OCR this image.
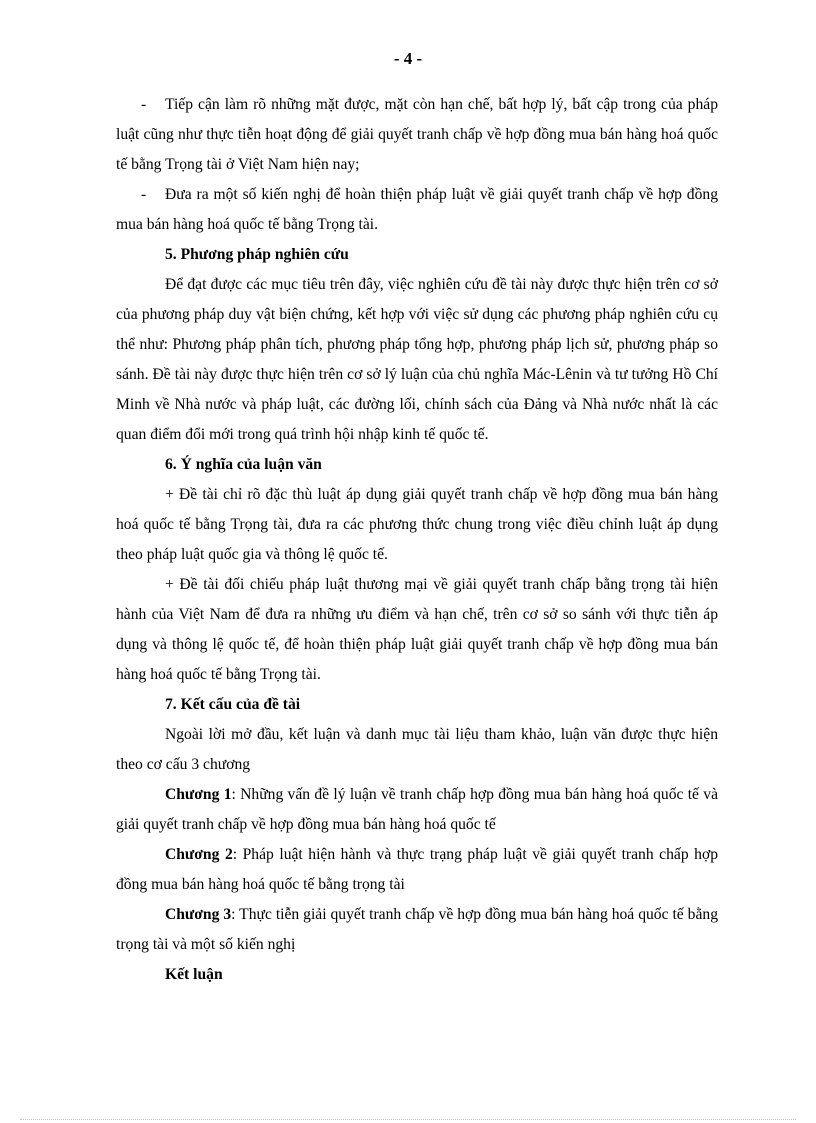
- 4 -

- Tiếp cận làm rõ những mặt được, mặt còn hạn chế, bất hợp lý, bất cập trong của pháp luật cũng như thực tiễn hoạt động để giải quyết tranh chấp về hợp đồng mua bán hàng hoá quốc tế bằng Trọng tài ở Việt Nam hiện nay;

- Đưa ra một số kiến nghị để hoàn thiện pháp luật về giải quyết tranh chấp về hợp đồng mua bán hàng hoá quốc tế bằng Trọng tài.

5. Phương pháp nghiên cứu

Để đạt được các mục tiêu trên đây, việc nghiên cứu đề tài này được thực hiện trên cơ sở của phương pháp duy vật biện chứng, kết hợp với việc sử dụng các phương pháp nghiên cứu cụ thể như: Phương pháp phân tích, phương pháp tổng hợp, phương pháp lịch sử, phương pháp so sánh. Đề tài này được thực hiện trên cơ sở lý luận của chủ nghĩa Mác-Lênin và tư tưởng Hồ Chí Minh về Nhà nước và pháp luật, các đường lối, chính sách của Đảng và Nhà nước nhất là các quan điểm đổi mới trong quá trình hội nhập kinh tế quốc tế.

6. Ý nghĩa của luận văn

+ Đề tài chỉ rõ đặc thù luật áp dụng giải quyết tranh chấp về hợp đồng mua bán hàng hoá quốc tế bằng Trọng tài, đưa ra các phương thức chung trong việc điều chỉnh luật áp dụng theo pháp luật quốc gia và thông lệ quốc tế.

+ Đề tài đối chiếu pháp luật thương mại về giải quyết tranh chấp bằng trọng tài hiện hành của Việt Nam để đưa ra những ưu điểm và hạn chế, trên cơ sở so sánh với thực tiễn áp dụng và thông lệ quốc tế, để hoàn thiện pháp luật giải quyết tranh chấp về hợp đồng mua bán hàng hoá quốc tế bằng Trọng tài.

7. Kết cấu của đề tài

Ngoài lời mở đầu, kết luận và danh mục tài liệu tham khảo, luận văn được thực hiện theo cơ cấu 3 chương

Chương 1: Những vấn đề lý luận về tranh chấp hợp đồng mua bán hàng hoá quốc tế và giải quyết tranh chấp về hợp đồng mua bán hàng hoá quốc tế

Chương 2: Pháp luật hiện hành và thực trạng pháp luật về giải quyết tranh chấp hợp đồng mua bán hàng hoá quốc tế bằng trọng tài

Chương 3: Thực tiễn giải quyết tranh chấp về hợp đồng mua bán hàng hoá quốc tế bằng trọng tài và một số kiến nghị

Kết luận
